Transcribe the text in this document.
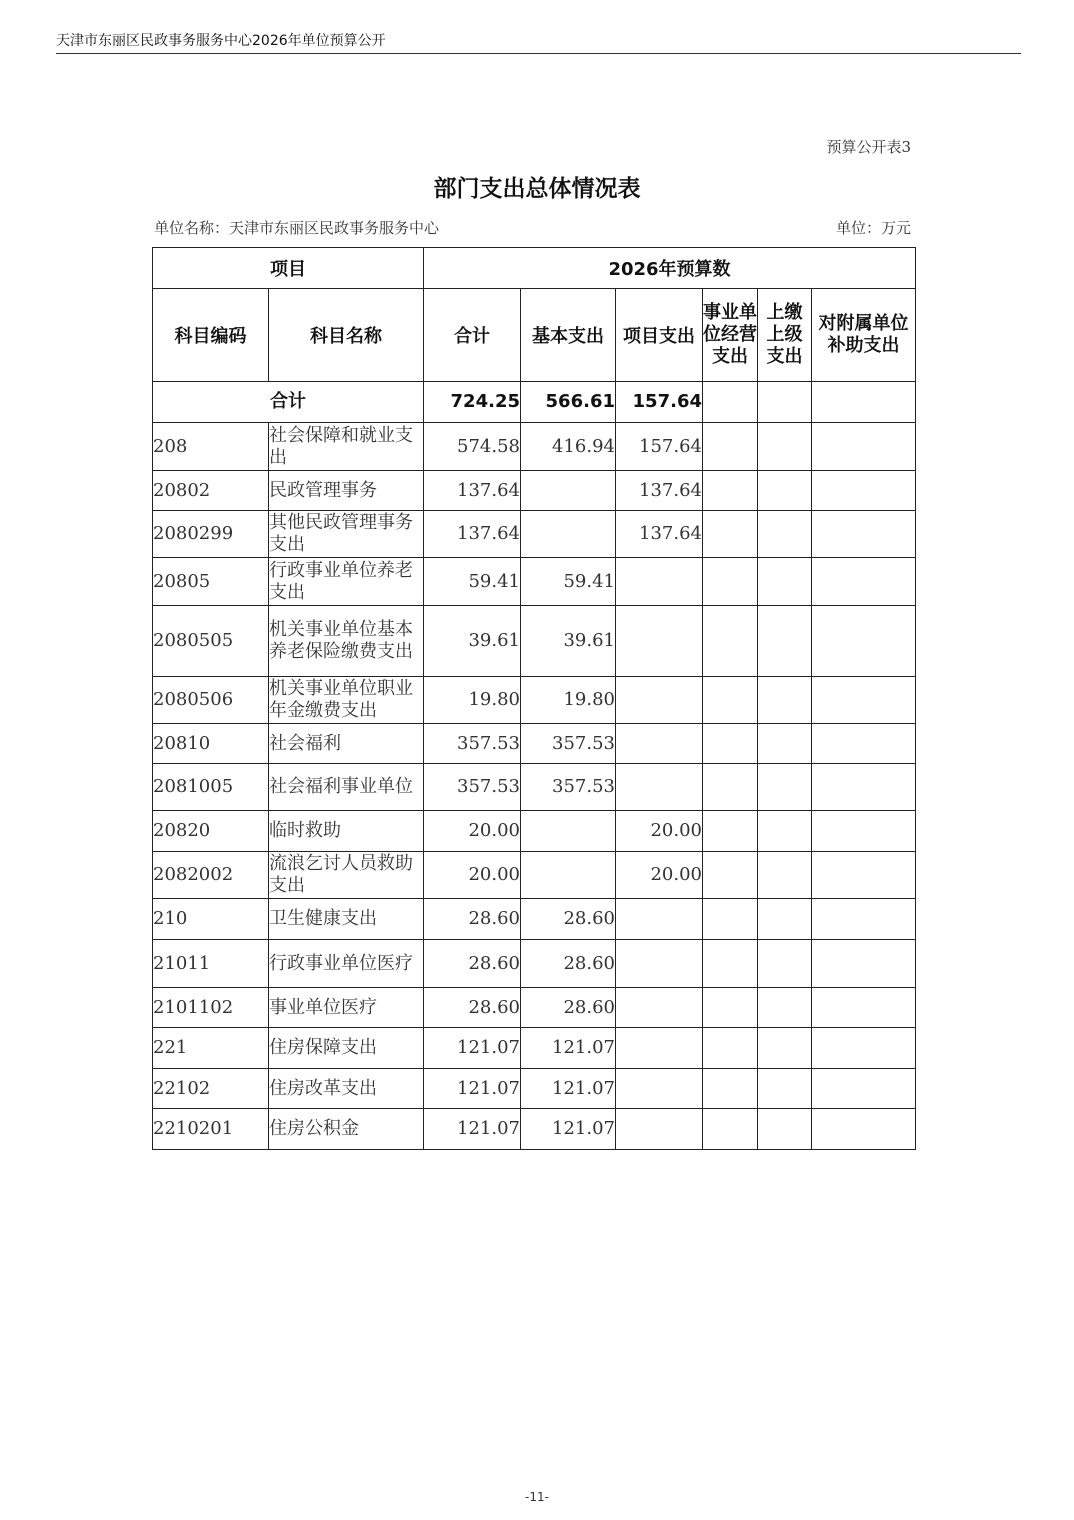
天津市东丽区民政事务服务中心2026年单位预算公开
预算公开表3
部门支出总体情况表
单位名称：天津市东丽区民政事务服务中心	单位：万元
项目		2026年预算数					
科目编码	科目名称	合计	基本支出	项目支出	事业单位经营支出	上缴上级支出	对附属单位补助支出
合计		724.25	566.61	157.64			
208	社会保障和就业支出	574.58	416.94	157.64			
20802	民政管理事务	137.64		137.64			
2080299	其他民政管理事务支出	137.64		137.64			
20805	行政事业单位养老支出	59.41	59.41				
2080505	机关事业单位基本养老保险缴费支出	39.61	39.61				
2080506	机关事业单位职业年金缴费支出	19.80	19.80				
20810	社会福利	357.53	357.53				
2081005	社会福利事业单位	357.53	357.53				
20820	临时救助	20.00		20.00			
2082002	流浪乞讨人员救助支出	20.00		20.00			
210	卫生健康支出	28.60	28.60				
21011	行政事业单位医疗	28.60	28.60				
2101102	事业单位医疗	28.60	28.60				
221	住房保障支出	121.07	121.07				
22102	住房改革支出	121.07	121.07				
2210201	住房公积金	121.07	121.07				
-11-
